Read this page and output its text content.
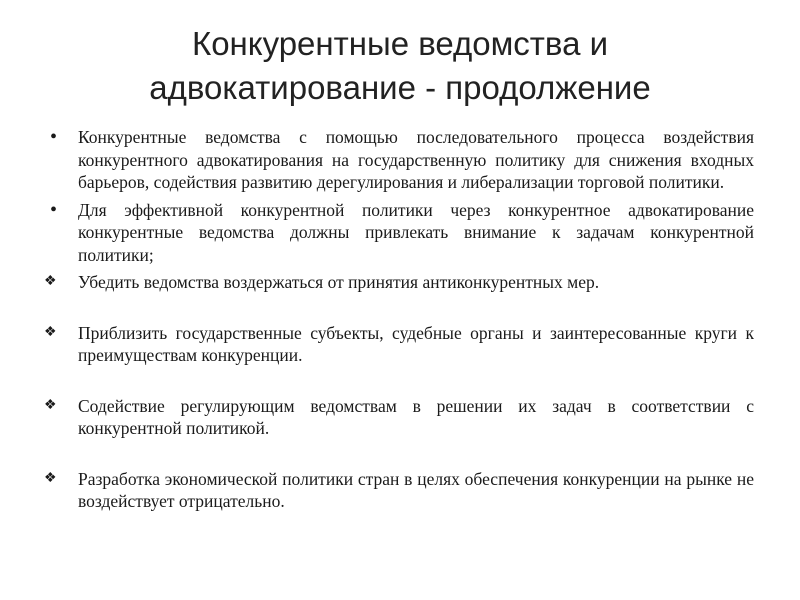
Конкурентные ведомства и
адвокатирование - продолжение
•	Конкурентные ведомства с помощью последовательного процесса воздействия конкурентного адвокатирования на государственную политику для снижения входных барьеров, содействия развитию дерегулирования и либерализации торговой политики.
•	Для эффективной конкурентной политики через конкурентное адвокатирование конкурентные ведомства должны привлекать внимание к задачам конкурентной политики;
❖	Убедить ведомства воздержаться от принятия антиконкурентных мер.
❖	Приблизить государственные субъекты, судебные органы и заинтересованные круги к преимуществам конкуренции.
❖	Содействие регулирующим ведомствам в решении их задач в соответствии с конкурентной политикой.
❖	Разработка экономической политики стран в целях обеспечения конкуренции на рынке не воздействует отрицательно.
